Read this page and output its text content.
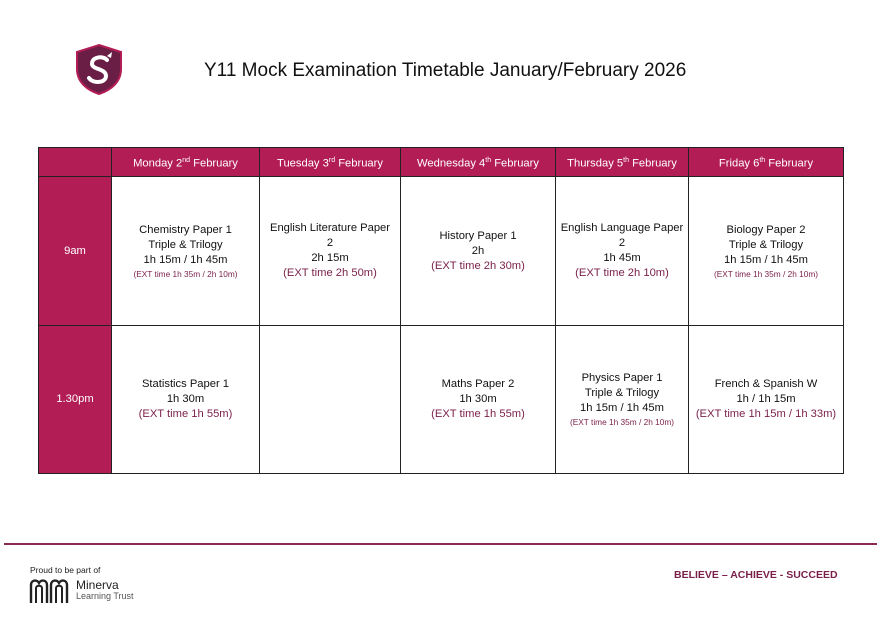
Y11 Mock Examination Timetable January/February 2026
	Monday 2nd February	Tuesday 3rd February	Wednesday 4th February	Thursday 5th February	Friday 6th February
9am	Chemistry Paper 1
Triple & Trilogy
1h 15m / 1h 45m
(EXT time 1h 35m / 2h 10m)	English Literature Paper
2
2h 15m
(EXT time 2h 50m)	History Paper 1
2h
(EXT time 2h 30m)	English Language Paper
2
1h 45m
(EXT time 2h 10m)	Biology Paper 2
Triple & Trilogy
1h 15m / 1h 45m
(EXT time 1h 35m / 2h 10m)

1.30pm	Statistics Paper 1
1h 30m
(EXT time 1h 55m)		Maths Paper 2
1h 30m
(EXT time 1h 55m)	Physics Paper 1
Triple & Trilogy
1h 15m / 1h 45m
(EXT time 1h 35m / 2h 10m)	French & Spanish W
1h / 1h 15m
(EXT time 1h 15m / 1h 33m)
Proud to be part of
Minerva
Learning Trust
BELIEVE – ACHIEVE - SUCCEED
